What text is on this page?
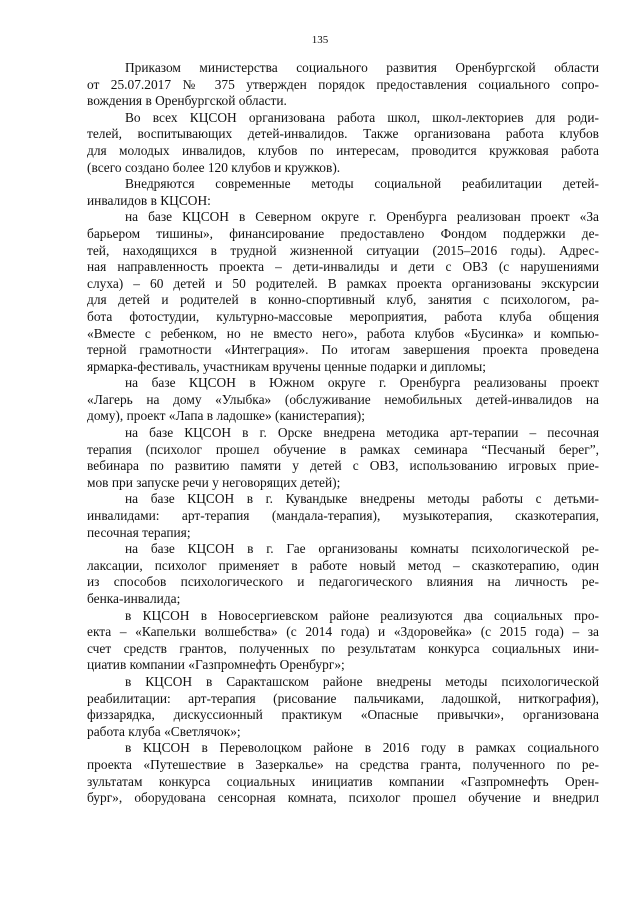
135
Приказом министерства социального развития Оренбургской области
от 25.07.2017 № 375 утвержден порядок предоставления социального сопро-
вождения в Оренбургской области.
Во всех КЦСОН организована работа школ, школ-лекториев для роди-
телей, воспитывающих детей-инвалидов. Также организована работа клубов
для молодых инвалидов, клубов по интересам, проводится кружковая работа
(всего создано более 120 клубов и кружков).
Внедряются современные методы социальной реабилитации детей-
инвалидов в КЦСОН:
на базе КЦСОН в Северном округе г. Оренбурга реализован проект «За
барьером тишины», финансирование предоставлено Фондом поддержки де-
тей, находящихся в трудной жизненной ситуации (2015–2016 годы). Адрес-
ная направленность проекта – дети-инвалиды и дети с ОВЗ (с нарушениями
слуха) – 60 детей и 50 родителей. В рамках проекта организованы экскурсии
для детей и родителей в конно-спортивный клуб, занятия с психологом, ра-
бота фотостудии, культурно-массовые мероприятия, работа клуба общения
«Вместе с ребенком, но не вместо него», работа клубов «Бусинка» и компью-
терной грамотности «Интеграция». По итогам завершения проекта проведена
ярмарка-фестиваль, участникам вручены ценные подарки и дипломы;
на базе КЦСОН в Южном округе г. Оренбурга реализованы проект
«Лагерь на дому «Улыбка» (обслуживание немобильных детей-инвалидов на
дому), проект «Лапа в ладошке» (канистерапия);
на базе КЦСОН в г. Орске внедрена методика арт-терапии – песочная
терапия (психолог прошел обучение в рамках семинара “Песчаный берег”,
вебинара по развитию памяти у детей с ОВЗ, использованию игровых прие-
мов при запуске речи у неговорящих детей);
на базе КЦСОН в г. Кувандыке внедрены методы работы с детьми-
инвалидами: арт-терапия (мандала-терапия), музыкотерапия, сказкотерапия,
песочная терапия;
на базе КЦСОН в г. Гае организованы комнаты психологической ре-
лаксации, психолог применяет в работе новый метод – сказкотерапию, один
из способов психологического и педагогического влияния на личность ре-
бенка-инвалида;
в КЦСОН в Новосергиевском районе реализуются два социальных про-
екта – «Капельки волшебства» (с 2014 года) и «Здоровейка» (с 2015 года) – за
счет средств грантов, полученных по результатам конкурса социальных ини-
циатив компании «Газпромнефть Оренбург»;
в КЦСОН в Саракташском районе внедрены методы психологической
реабилитации: арт-терапия (рисование пальчиками, ладошкой, ниткография),
физзарядка, дискуссионный практикум «Опасные привычки», организована
работа клуба «Светлячок»;
в КЦСОН в Переволоцком районе в 2016 году в рамках социального
проекта «Путешествие в Зазеркалье» на средства гранта, полученного по ре-
зультатам конкурса социальных инициатив компании «Газпромнефть Орен-
бург», оборудована сенсорная комната, психолог прошел обучение и внедрил
